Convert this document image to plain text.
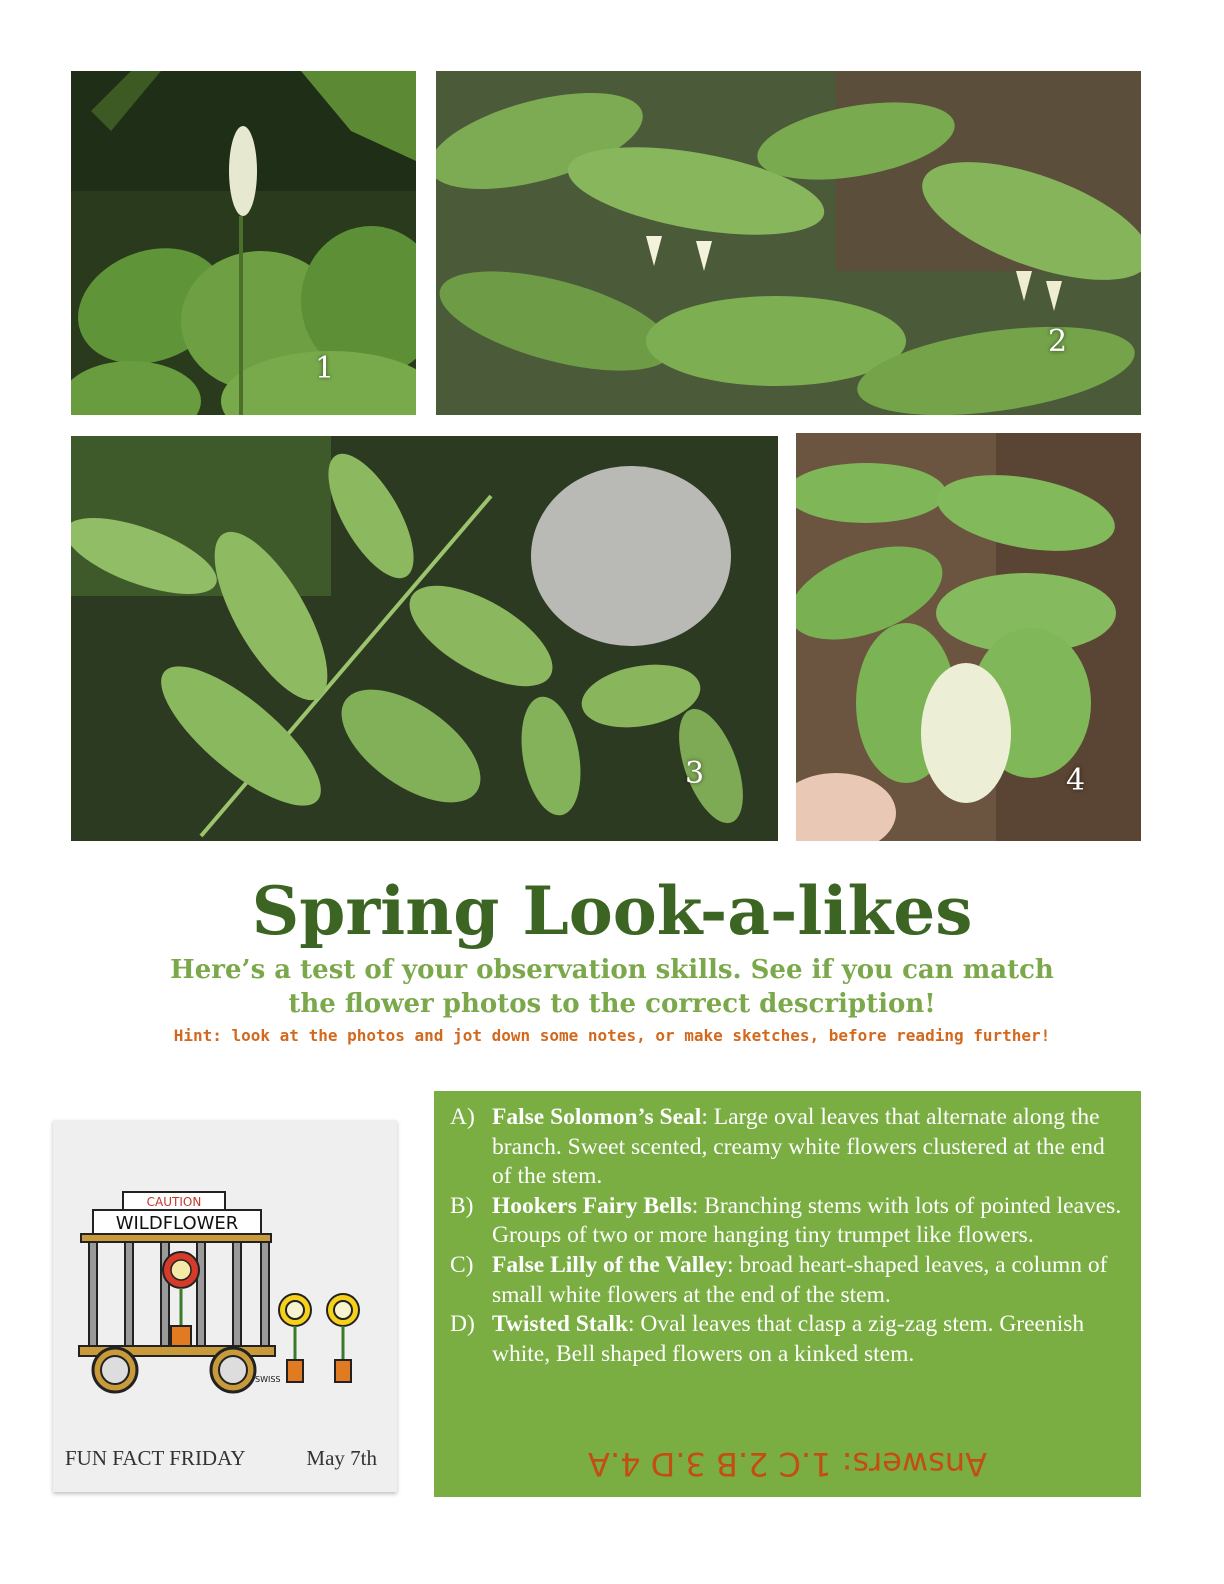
1
2
3	4
Spring Look-a-likes
Here’s a test of your observation skills. See if you can match
the flower photos to the correct description!
Hint: look at the photos and jot down some notes, or make sketches, before reading further!
CAUTION
WILDFLOWER
SWISS
FUN FACT FRIDAY	May 7th
A) False Solomon’s Seal: Large oval leaves that alternate along the branch. Sweet scented, creamy white flowers clustered at the end of the stem.
B) Hookers Fairy Bells: Branching stems with lots of pointed leaves. Groups of two or more hanging tiny trumpet like flowers.
C) False Lilly of the Valley: broad heart-shaped leaves, a column of small white flowers at the end of the stem.
D) Twisted Stalk: Oval leaves that clasp a zig-zag stem. Greenish white, Bell shaped flowers on a kinked stem.
Answers: 1.C 2.B 3.D 4.A
